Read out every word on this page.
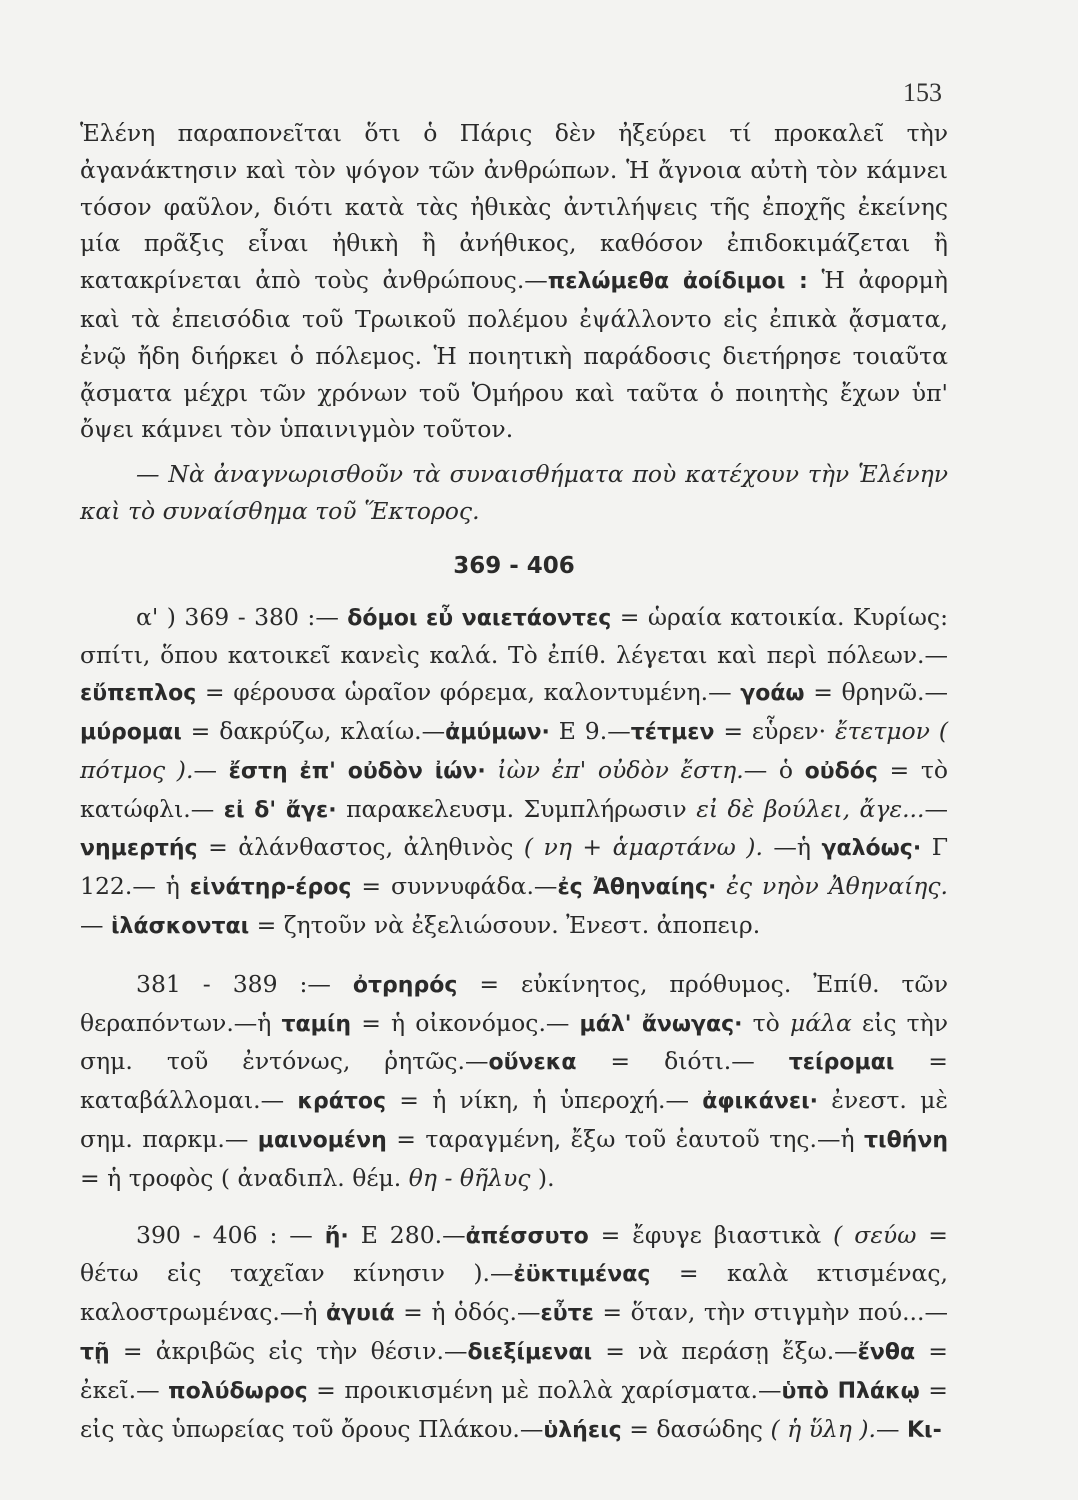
153

Ἑλένη παραπονεῖται ὅτι ὁ Πάρις δὲν ἠξεύρει τί προκαλεῖ τὴν ἀγανάκτησιν καὶ τὸν ψόγον τῶν ἀνθρώπων. Ἡ ἄγνοια αὐτὴ τὸν κάμνει τόσον φαῦλον, διότι κατὰ τὰς ἠθικὰς ἀντιλήψεις τῆς ἐποχῆς ἐκείνης μία πρᾶξις εἶναι ἠθικὴ ἢ ἀνήθικος, καθόσον ἐπιδοκιμάζεται ἢ κατακρίνεται ἀπὸ τοὺς ἀνθρώπους.—πελώμεθα ἀοίδιμοι : Ἡ ἀφορμὴ καὶ τὰ ἐπεισόδια τοῦ Τρωικοῦ πολέμου ἐψάλλοντο εἰς ἐπικὰ ᾄσματα, ἐνῷ ἤδη διήρκει ὁ πόλεμος. Ἡ ποιητικὴ παράδοσις διετήρησε τοιαῦτα ᾄσματα μέχρι τῶν χρόνων τοῦ Ὁμήρου καὶ ταῦτα ὁ ποιητὴς ἔχων ὑπ' ὄψει κάμνει τὸν ὑπαινιγμὸν τοῦτον.

— Νὰ ἀναγνωρισθοῦν τὰ συναισθήματα ποὺ κατέχουν τὴν Ἑλένην καὶ τὸ συναίσθημα τοῦ Ἕκτορος.

369 - 406

α' ) 369 - 380 :— δόμοι εὖ ναιετάοντες = ὡραία κατοικία. Κυρίως: σπίτι, ὅπου κατοικεῖ κανεὶς καλά. Τὸ ἐπίθ. λέγεται καὶ περὶ πόλεων.— εὔπεπλος = φέρουσα ὡραῖον φόρεμα, καλοντυμένη.— γοάω = θρηνῶ.—μύρομαι = δακρύζω, κλαίω.—ἀμύμων· Ε 9.—τέτμεν = εὗρεν· ἔτετμον ( πότμος ).— ἔστη ἐπ' οὐδὸν ἰών· ἰὼν ἐπ' οὐδὸν ἔστη.— ὁ οὐδός = τὸ κατώφλι.— εἰ δ' ἄγε· παρακελευσμ. Συμπλήρωσιν εἰ δὲ βούλει, ἄγε...— νημερτής = ἀλάνθαστος, ἀληθινὸς ( νη + ἁμαρτάνω ). —ἡ γαλόως· Γ 122.— ἡ εἰνάτηρ-έρος = συννυφάδα.—ἐς Ἀθηναίης· ἐς νηὸν Ἀθηναίης.— ἱλάσκονται = ζητοῦν νὰ ἐξελιώσουν. Ἐνεστ. ἀποπειρ.

381 - 389 :— ὀτρηρός = εὐκίνητος, πρόθυμος. Ἐπίθ. τῶν θεραπόντων.—ἡ ταμίη = ἡ οἰκονόμος.— μάλ' ἄνωγας· τὸ μάλα εἰς τὴν σημ. τοῦ ἐντόνως, ῥητῶς.—οὕνεκα = διότι.— τείρομαι = καταβάλλομαι.— κράτος = ἡ νίκη, ἡ ὑπεροχή.— ἀφικάνει· ἐνεστ. μὲ σημ. παρκμ.— μαινομένη = ταραγμένη, ἔξω τοῦ ἑαυτοῦ της.—ἡ τιθήνη = ἡ τροφὸς ( ἀναδιπλ. θέμ. θη - θῆλυς ).

390 - 406 : — ἤ· Ε 280.—ἀπέσσυτο = ἔφυγε βιαστικὰ ( σεύω = θέτω εἰς ταχεῖαν κίνησιν ).—ἐϋκτιμένας = καλὰ κτισμένας, καλοστρωμένας.—ἡ ἀγυιά = ἡ ὁδός.—εὖτε = ὅταν, τὴν στιγμὴν πού...— τῇ = ἀκριβῶς εἰς τὴν θέσιν.—διεξίμεναι = νὰ περάσῃ ἔξω.—ἔνθα = ἐκεῖ.— πολύδωρος = προικισμένη μὲ πολλὰ χαρίσματα.—ὑπὸ Πλάκῳ = εἰς τὰς ὑπωρείας τοῦ ὄρους Πλάκου.—ὑλήεις = δασώδης ( ἡ ὕλη ).— Κι-
